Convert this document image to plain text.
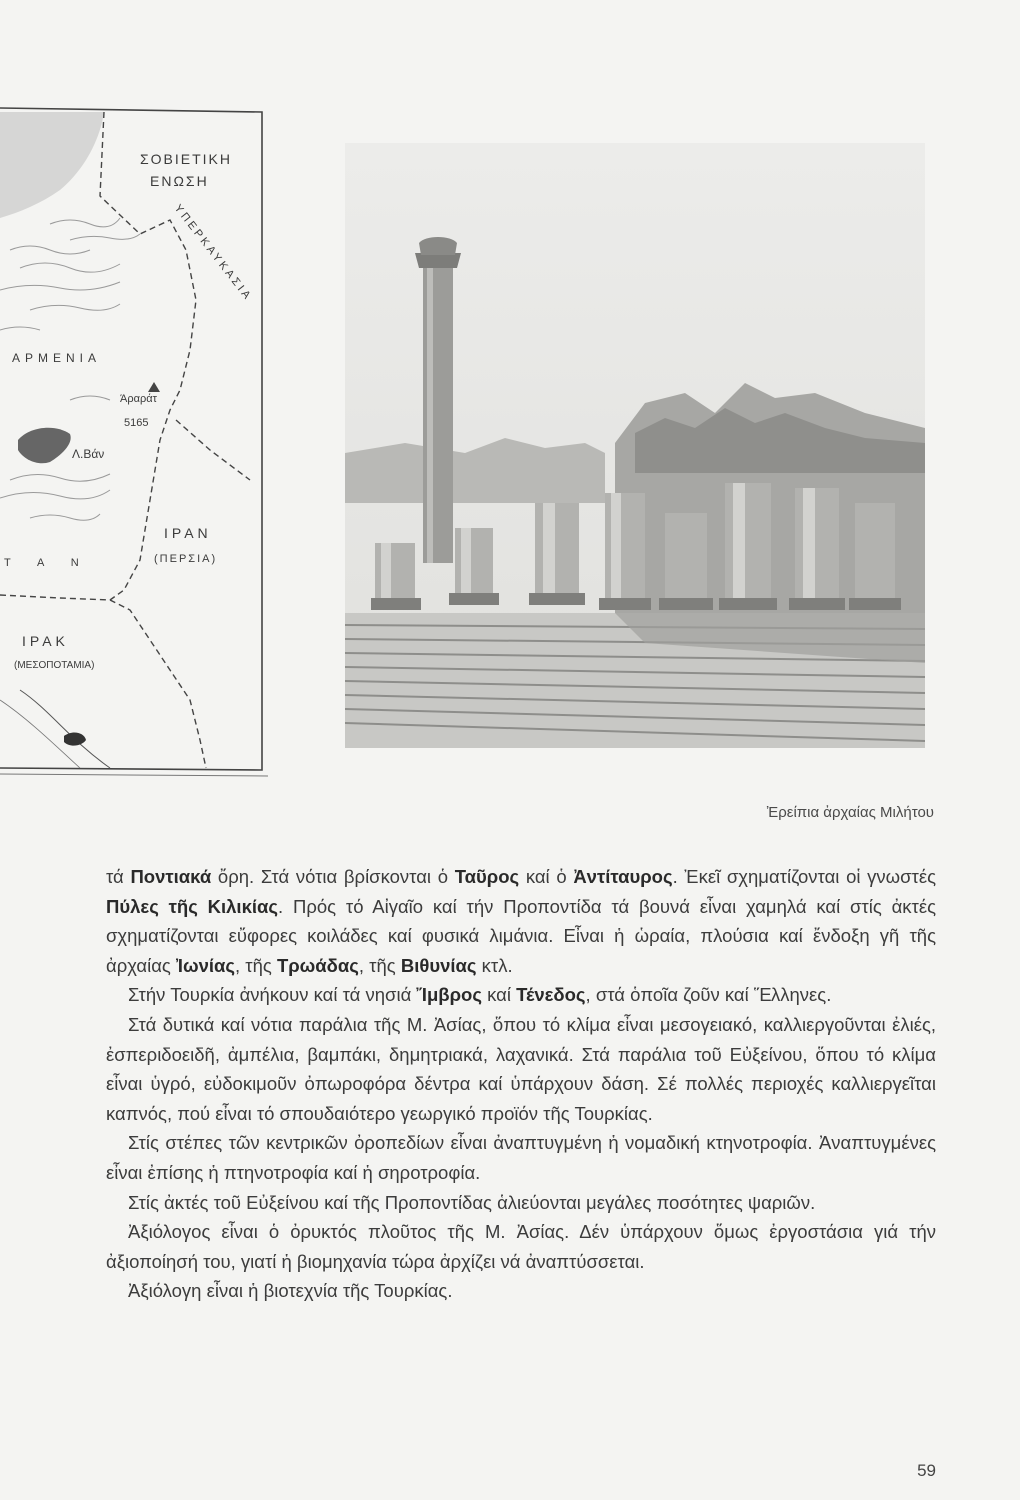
ΣΟΒΙΕΤΙΚΗ
ΕΝΩΣΗ
ΥΠΕΡΚΑΥΚΑΣΙΑ
ΑΡΜΕΝΙΑ
Άραράτ
5165
Λ.Βάν
ΙΡΑΝ
(ΠΕΡΣΙΑ)
Τ Α Ν
ΙΡΑΚ
(ΜΕΣΟΠΟΤΑΜΙΑ)
Ἐρείπια ἀρχαίας Μιλήτου

τά Ποντιακά ὄρη. Στά νότια βρίσκονται ὁ Ταῦρος καί ὁ Ἀντίταυρος. Ἐκεῖ σχηματίζονται οἱ γνωστές Πύλες τῆς Κιλικίας. Πρός τό Αἰγαῖο καί τήν Προποντίδα τά βουνά εἶναι χαμηλά καί στίς ἀκτές σχηματίζονται εὔφορες κοιλάδες καί φυσικά λιμάνια. Εἶναι ἡ ὡραία, πλούσια καί ἔνδοξη γῆ τῆς ἀρχαίας Ἰωνίας, τῆς Τρωάδας, τῆς Βιθυνίας κτλ.

Στήν Τουρκία ἀνήκουν καί τά νησιά Ἴμβρος καί Τένεδος, στά ὁποῖα ζοῦν καί Ἕλληνες.

Στά δυτικά καί νότια παράλια τῆς Μ. Ἀσίας, ὅπου τό κλίμα εἶναι μεσογειακό, καλλιεργοῦνται ἐλιές, ἐσπεριδοειδῆ, ἀμπέλια, βαμπάκι, δημητριακά, λαχανικά. Στά παράλια τοῦ Εὐξείνου, ὅπου τό κλίμα εἶναι ὑγρό, εὐδοκιμοῦν ὀπωροφόρα δέντρα καί ὑπάρχουν δάση. Σέ πολλές περιοχές καλλιεργεῖται καπνός, πού εἶναι τό σπουδαιότερο γεωργικό προϊόν τῆς Τουρκίας.

Στίς στέπες τῶν κεντρικῶν ὀροπεδίων εἶναι ἀναπτυγμένη ἡ νομαδική κτηνοτροφία. Ἀναπτυγμένες εἶναι ἐπίσης ἡ πτηνοτροφία καί ἡ σηροτροφία.

Στίς ἀκτές τοῦ Εὐξείνου καί τῆς Προποντίδας ἁλιεύονται μεγάλες ποσότητες ψαριῶν.

Ἀξιόλογος εἶναι ὁ ὀρυκτός πλοῦτος τῆς Μ. Ἀσίας. Δέν ὑπάρχουν ὅμως ἐργοστάσια γιά τήν ἀξιοποίησή του, γιατί ἡ βιομηχανία τώρα ἀρχίζει νά ἀναπτύσσεται.

Ἀξιόλογη εἶναι ἡ βιοτεχνία τῆς Τουρκίας.

59
